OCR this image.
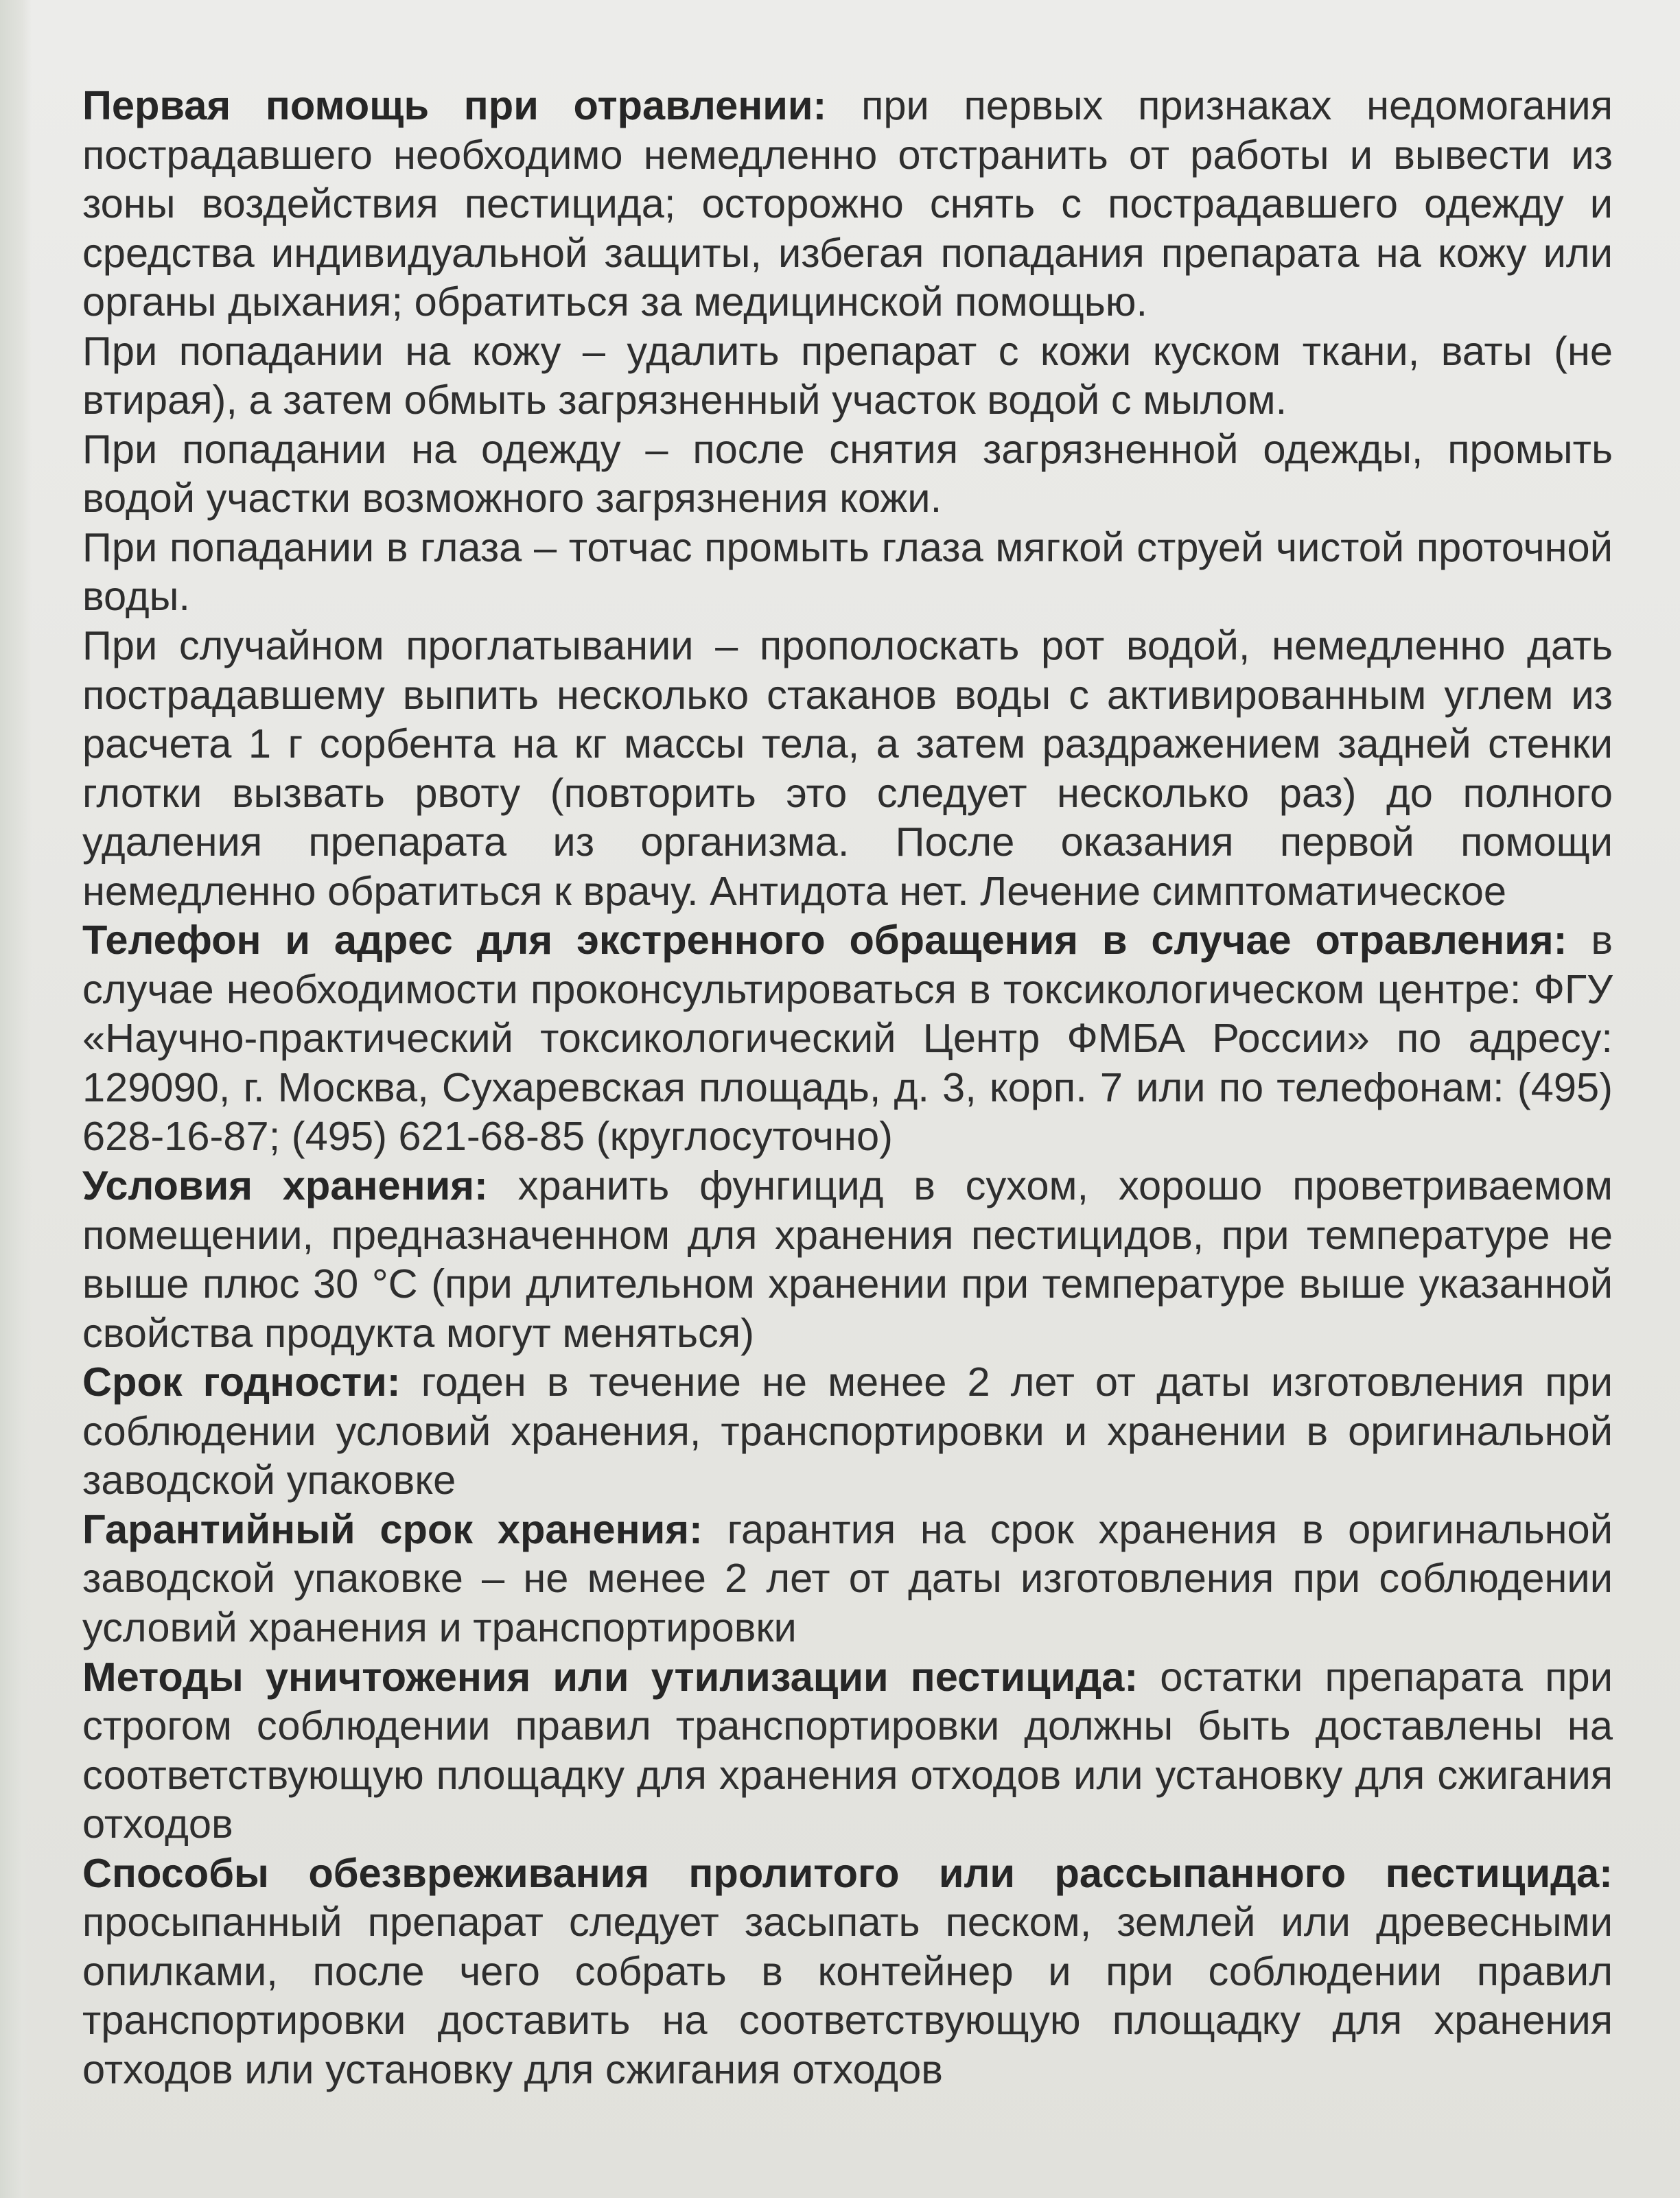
Первая помощь при отравлении: при первых признаках недомогания пострадавшего необходимо немедленно отстранить от работы и вывести из зоны воздействия пестицида; осторожно снять с пострадавшего одежду и средства индивидуальной защиты, избегая попадания препарата на кожу или органы дыхания; обратиться за медицинской помощью.

При попадании на кожу – удалить препарат с кожи куском ткани, ваты (не втирая), а затем обмыть загрязненный участок водой с мылом.

При попадании на одежду – после снятия загрязненной одежды, промыть водой участки возможного загрязнения кожи.

При попадании в глаза – тотчас промыть глаза мягкой струей чистой проточной воды.

При случайном проглатывании – прополоскать рот водой, немедленно дать пострадавшему выпить несколько стаканов воды с активированным углем из расчета 1 г сорбента на кг массы тела, а затем раздражением задней стенки глотки вызвать рвоту (повторить это следует несколько раз) до полного удаления препарата из организма. После оказания первой помощи немедленно обратиться к врачу. Антидота нет. Лечение симптоматическое

Телефон и адрес для экстренного обращения в случае отравления: в случае необходимости проконсультироваться в токсикологическом центре: ФГУ «Научно-практический токсикологический Центр ФМБА России» по адресу: 129090, г. Москва, Сухаревская площадь, д. 3, корп. 7 или по телефонам: (495) 628-16-87; (495) 621-68-85 (круглосуточно)

Условия хранения: хранить фунгицид в сухом, хорошо проветриваемом помещении, предназначенном для хранения пестицидов, при температуре не выше плюс 30 °С (при длительном хранении при температуре выше указанной свойства продукта могут меняться)

Срок годности: годен в течение не менее 2 лет от даты изготовления при соблюдении условий хранения, транспортировки и хранении в оригинальной заводской упаковке

Гарантийный срок хранения: гарантия на срок хранения в оригинальной заводской упаковке – не менее 2 лет от даты изготовления при соблюдении условий хранения и транспортировки

Методы уничтожения или утилизации пестицида: остатки препарата при строгом соблюдении правил транспортировки должны быть доставлены на соответствующую площадку для хранения отходов или установку для сжигания отходов

Способы обезвреживания пролитого или рассыпанного пестицида: просыпанный препарат следует засыпать песком, землей или древесными опилками, после чего собрать в контейнер и при соблюдении правил транспортировки доставить на соответствующую площадку для хранения отходов или установку для сжигания отходов
